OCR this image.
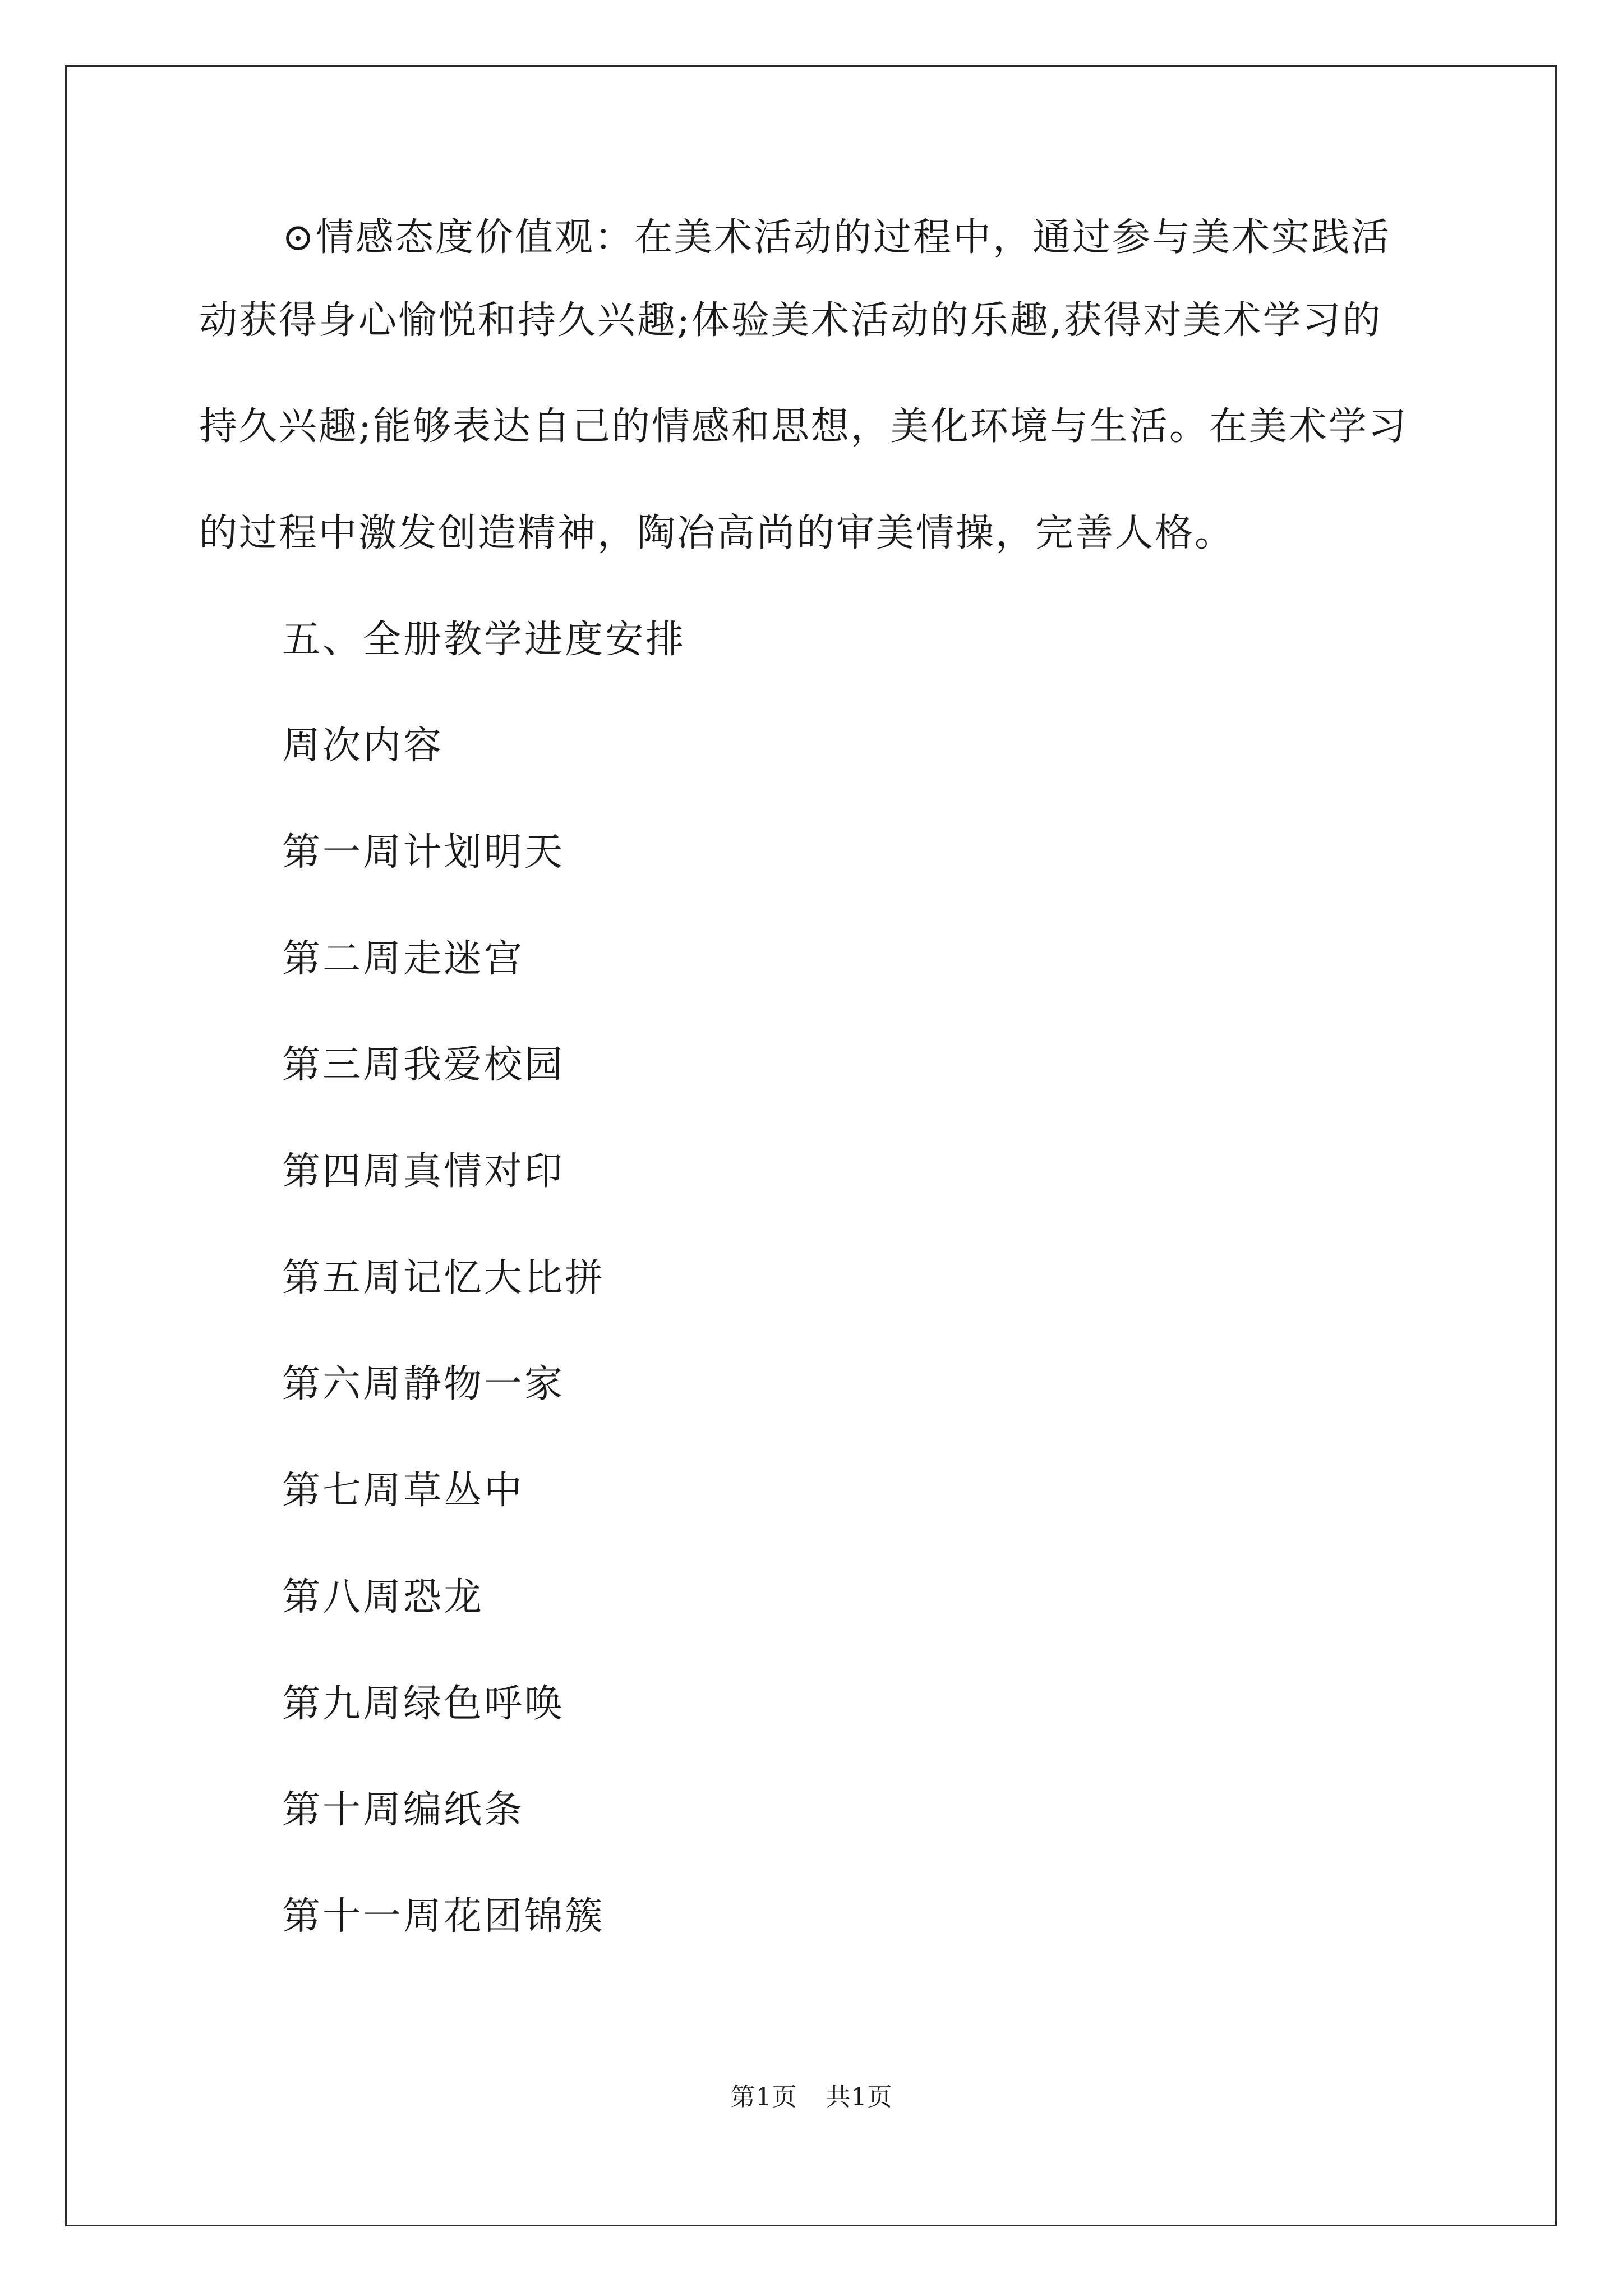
⊙情感态度价值观：在美术活动的过程中，通过参与美术实践活

动获得身心愉悦和持久兴趣;体验美术活动的乐趣,获得对美术学习的

持久兴趣;能够表达自己的情感和思想，美化环境与生活。在美术学习

的过程中激发创造精神，陶冶高尚的审美情操，完善人格。

五、全册教学进度安排

周次内容

第一周计划明天

第二周走迷宫

第三周我爱校园

第四周真情对印

第五周记忆大比拼

第六周静物一家

第七周草丛中

第八周恐龙

第九周绿色呼唤

第十周编纸条

第十一周花团锦簇

第1页 共1页
